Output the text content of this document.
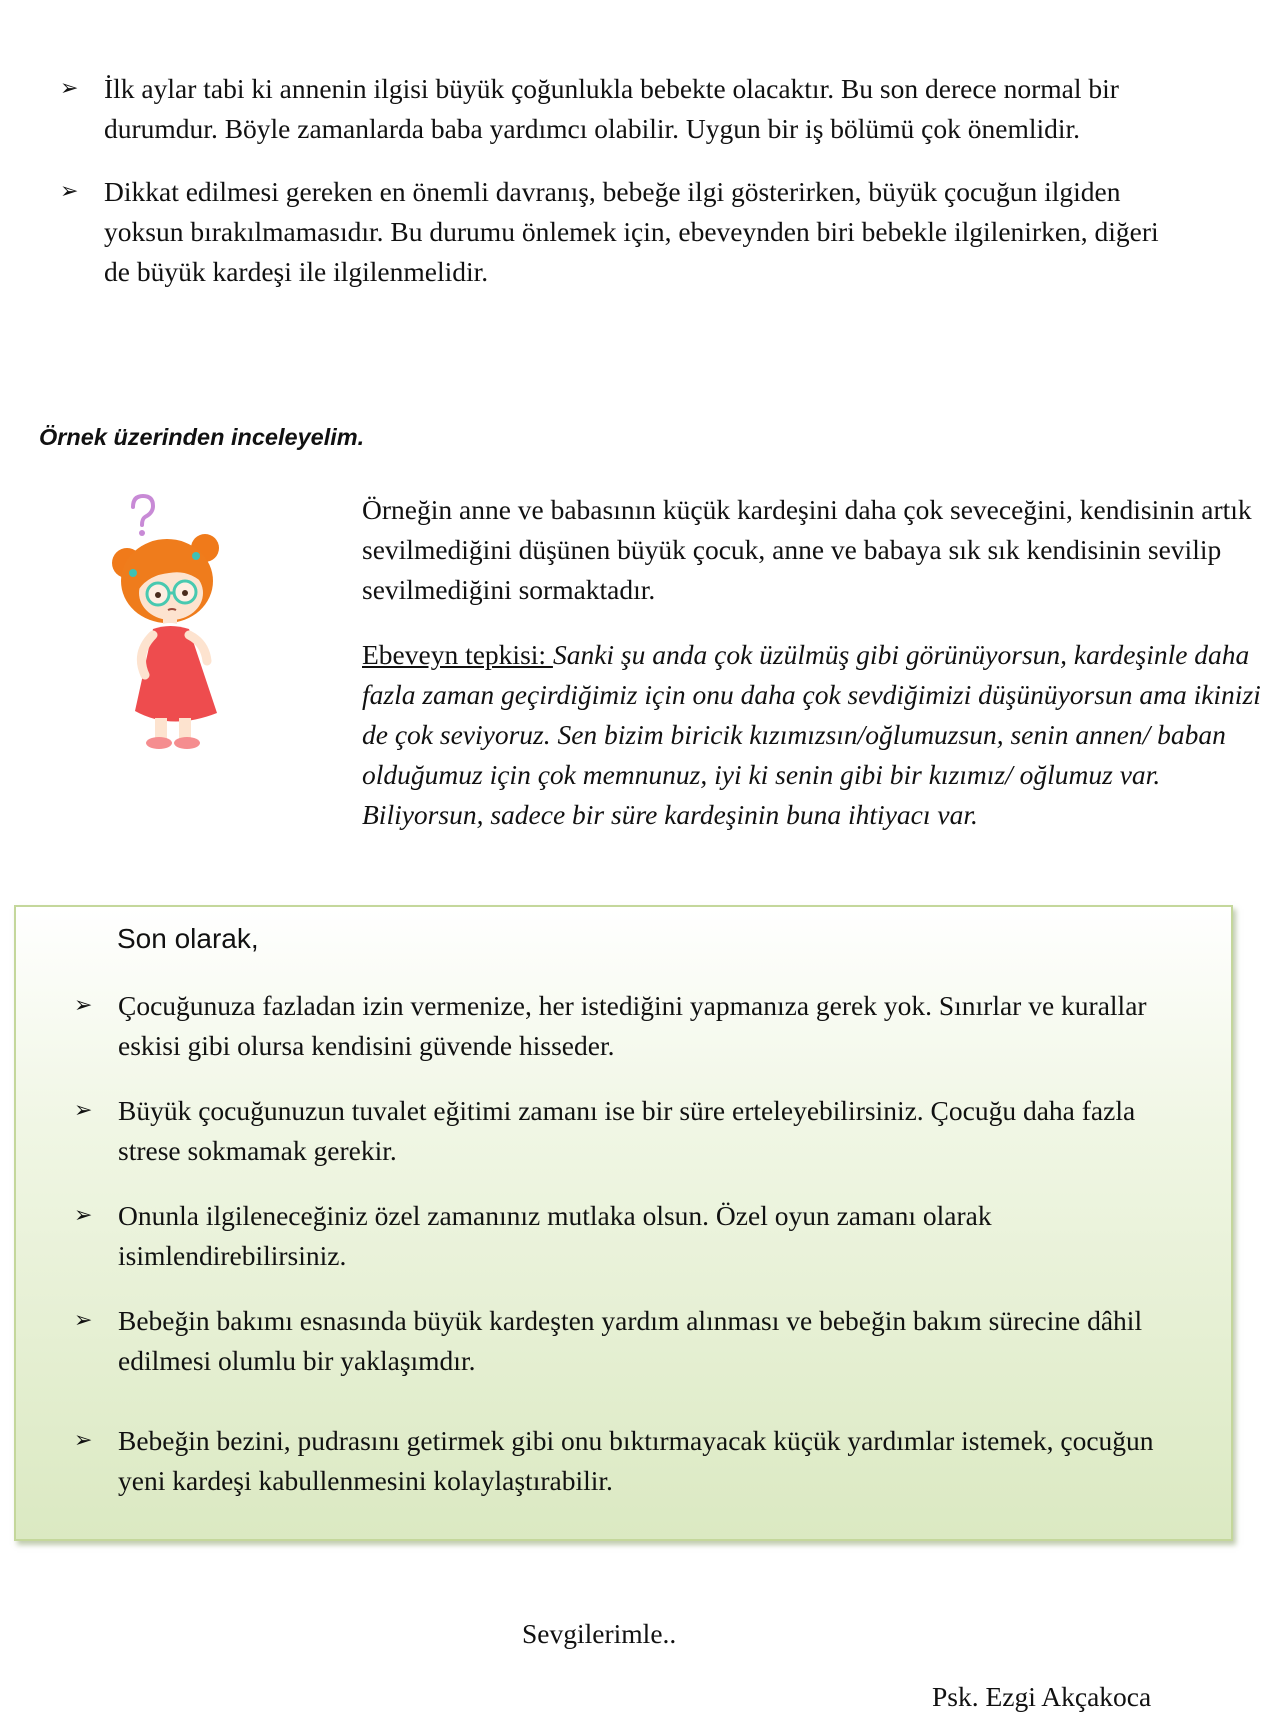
➢ İlk aylar tabi ki annenin ilgisi büyük çoğunlukla bebekte olacaktır. Bu son derece normal bir durumdur. Böyle zamanlarda baba yardımcı olabilir. Uygun bir iş bölümü çok önemlidir.
➢ Dikkat edilmesi gereken en önemli davranış, bebeğe ilgi gösterirken, büyük çocuğun ilgiden yoksun bırakılmamasıdır. Bu durumu önlemek için, ebeveynden biri bebekle ilgilenirken, diğeri de büyük kardeşi ile ilgilenmelidir.
Örnek üzerinden inceleyelim.
Örneğin anne ve babasının küçük kardeşini daha çok seveceğini, kendisinin artık sevilmediğini düşünen büyük çocuk, anne ve babaya sık sık kendisinin sevilip sevilmediğini sormaktadır.
Ebeveyn tepkisi: Sanki şu anda çok üzülmüş gibi görünüyorsun, kardeşinle daha fazla zaman geçirdiğimiz için onu daha çok sevdiğimizi düşünüyorsun ama ikinizi de çok seviyoruz. Sen bizim biricik kızımızsın/oğlumuzsun, senin annen/ baban olduğumuz için çok memnunuz, iyi ki senin gibi bir kızımız/ oğlumuz var. Biliyorsun, sadece bir süre kardeşinin buna ihtiyacı var.
Son olarak,
➢ Çocuğunuza fazladan izin vermenize, her istediğini yapmanıza gerek yok. Sınırlar ve kurallar eskisi gibi olursa kendisini güvende hisseder.
➢ Büyük çocuğunuzun tuvalet eğitimi zamanı ise bir süre erteleyebilirsiniz. Çocuğu daha fazla strese sokmamak gerekir.
➢ Onunla ilgileneceğiniz özel zamanınız mutlaka olsun. Özel oyun zamanı olarak isimlendirebilirsiniz.
➢ Bebeğin bakımı esnasında büyük kardeşten yardım alınması ve bebeğin bakım sürecine dâhil edilmesi olumlu bir yaklaşımdır.
➢ Bebeğin bezini, pudrasını getirmek gibi onu bıktırmayacak küçük yardımlar istemek, çocuğun yeni kardeşi kabullenmesini kolaylaştırabilir.
Sevgilerimle..
Psk. Ezgi Akçakoca
